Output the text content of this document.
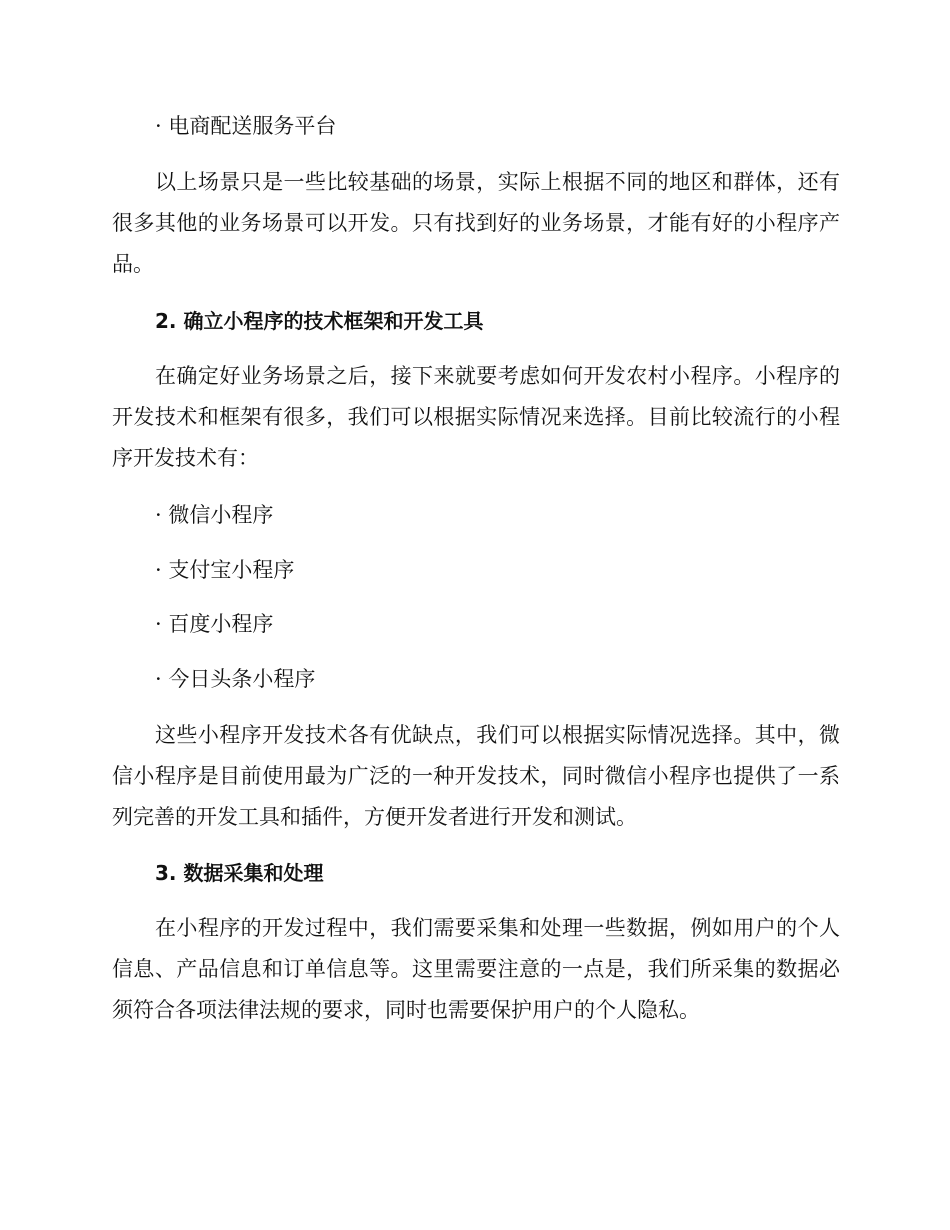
· 电商配送服务平台

以上场景只是一些比较基础的场景，实际上根据不同的地区和群体，还有很多其他的业务场景可以开发。只有找到好的业务场景，才能有好的小程序产品。

2. 确立小程序的技术框架和开发工具

在确定好业务场景之后，接下来就要考虑如何开发农村小程序。小程序的开发技术和框架有很多，我们可以根据实际情况来选择。目前比较流行的小程序开发技术有：

· 微信小程序

· 支付宝小程序

· 百度小程序

· 今日头条小程序

这些小程序开发技术各有优缺点，我们可以根据实际情况选择。其中，微信小程序是目前使用最为广泛的一种开发技术，同时微信小程序也提供了一系列完善的开发工具和插件，方便开发者进行开发和测试。

3. 数据采集和处理

在小程序的开发过程中，我们需要采集和处理一些数据，例如用户的个人信息、产品信息和订单信息等。这里需要注意的一点是，我们所采集的数据必须符合各项法律法规的要求，同时也需要保护用户的个人隐私。
